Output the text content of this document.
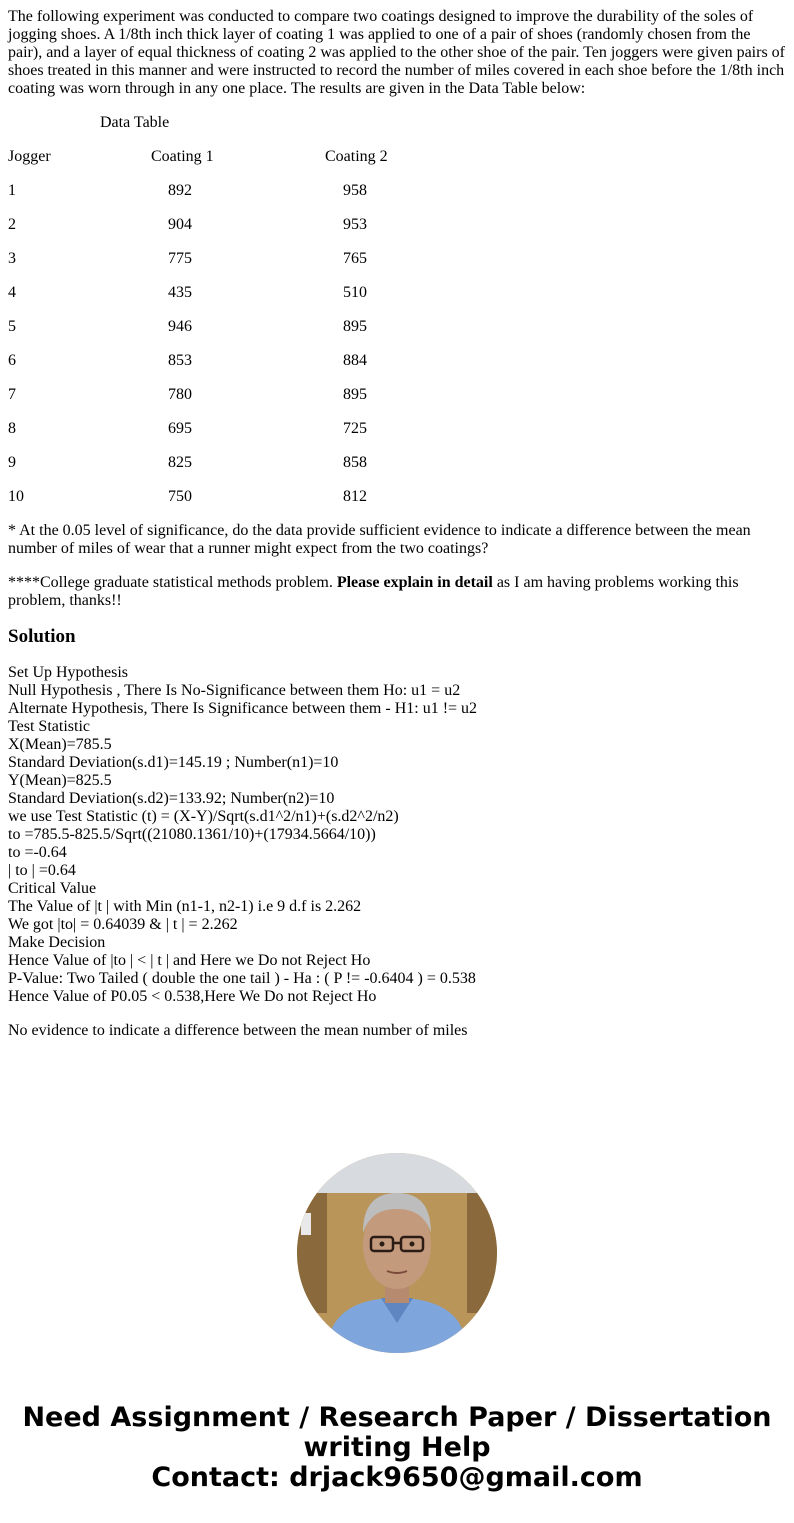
The following experiment was conducted to compare two coatings designed to improve the durability of the soles of jogging shoes. A 1/8th inch thick layer of coating 1 was applied to one of a pair of shoes (randomly chosen from the pair), and a layer of equal thickness of coating 2 was applied to the other shoe of the pair. Ten joggers were given pairs of shoes treated in this manner and were instructed to record the number of miles covered in each shoe before the 1/8th inch coating was worn through in any one place. The results are given in the Data Table below:

Data Table
Jogger	Coating 1	Coating 2
1	892	958
2	904	953
3	775	765
4	435	510
5	946	895
6	853	884
7	780	895
8	695	725
9	825	858
10	750	812

* At the 0.05 level of significance, do the data provide sufficient evidence to indicate a difference between the mean number of miles of wear that a runner might expect from the two coatings?

****College graduate statistical methods problem. Please explain in detail as I am having problems working this problem, thanks!!

Solution
Set Up Hypothesis
Null Hypothesis , There Is No-Significance between them Ho: u1 = u2
Alternate Hypothesis, There Is Significance between them - H1: u1 != u2
Test Statistic
X(Mean)=785.5
Standard Deviation(s.d1)=145.19 ; Number(n1)=10
Y(Mean)=825.5
Standard Deviation(s.d2)=133.92; Number(n2)=10
we use Test Statistic (t) = (X-Y)/Sqrt(s.d1^2/n1)+(s.d2^2/n2)
to =785.5-825.5/Sqrt((21080.1361/10)+(17934.5664/10))
to =-0.64
| to | =0.64
Critical Value
The Value of |t | with Min (n1-1, n2-1) i.e 9 d.f is 2.262
We got |to| = 0.64039 & | t | = 2.262
Make Decision
Hence Value of |to | < | t | and Here we Do not Reject Ho
P-Value: Two Tailed ( double the one tail ) - Ha : ( P != -0.6404 ) = 0.538
Hence Value of P0.05 < 0.538,Here We Do not Reject Ho

No evidence to indicate a difference between the mean number of miles

Need Assignment / Research Paper / Dissertation
writing Help
Contact: drjack9650@gmail.com
